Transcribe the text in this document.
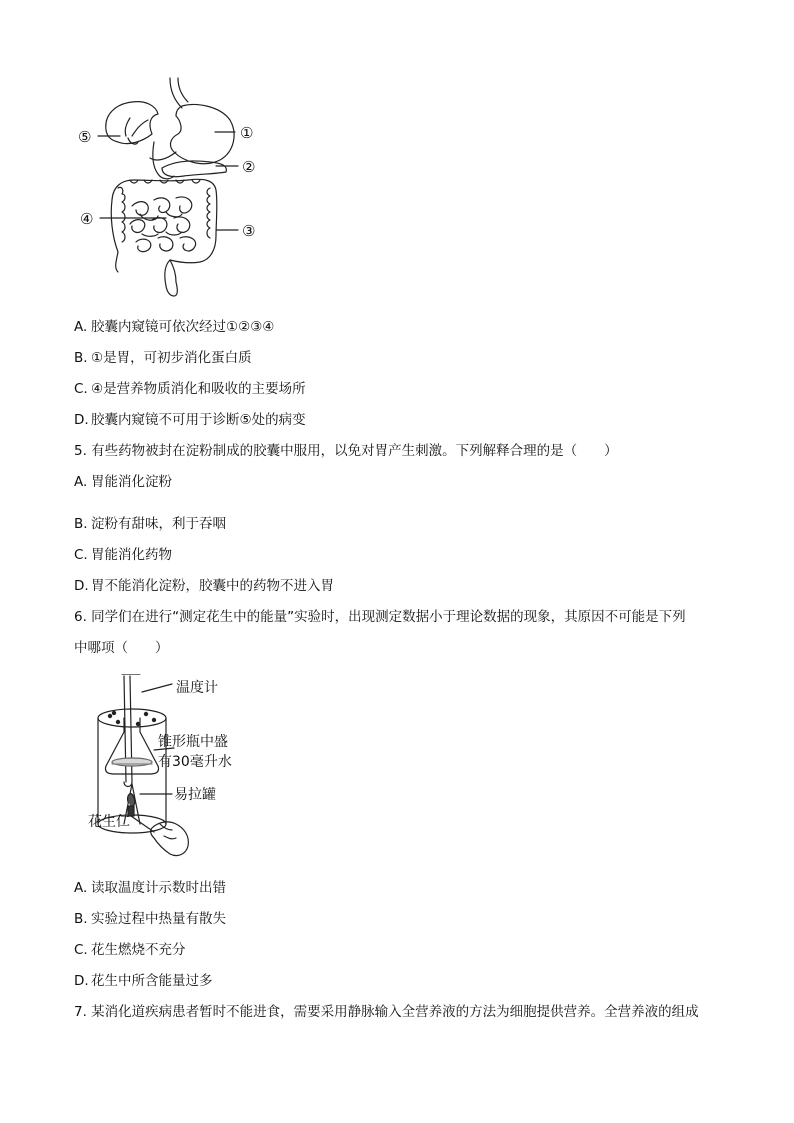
①
②
③
④
⑤
A. 胶囊内窥镜可依次经过①②③④
B. ①是胃，可初步消化蛋白质
C. ④是营养物质消化和吸收的主要场所
D. 胶囊内窥镜不可用于诊断⑤处的病变
5. 有些药物被封在淀粉制成的胶囊中服用，以免对胃产生刺激。下列解释合理的是（　　）
A. 胃能消化淀粉
B. 淀粉有甜味，利于吞咽
C. 胃能消化药物
D. 胃不能消化淀粉，胶囊中的药物不进入胃
6. 同学们在进行“测定花生中的能量”实验时，出现测定数据小于理论数据的现象，其原因不可能是下列
中哪项（　　）
温度计
锥形瓶中盛
有30毫升水
易拉罐
花生仁
A. 读取温度计示数时出错
B. 实验过程中热量有散失
C. 花生燃烧不充分
D. 花生中所含能量过多
7. 某消化道疾病患者暂时不能进食，需要采用静脉输入全营养液的方法为细胞提供营养。全营养液的组成
